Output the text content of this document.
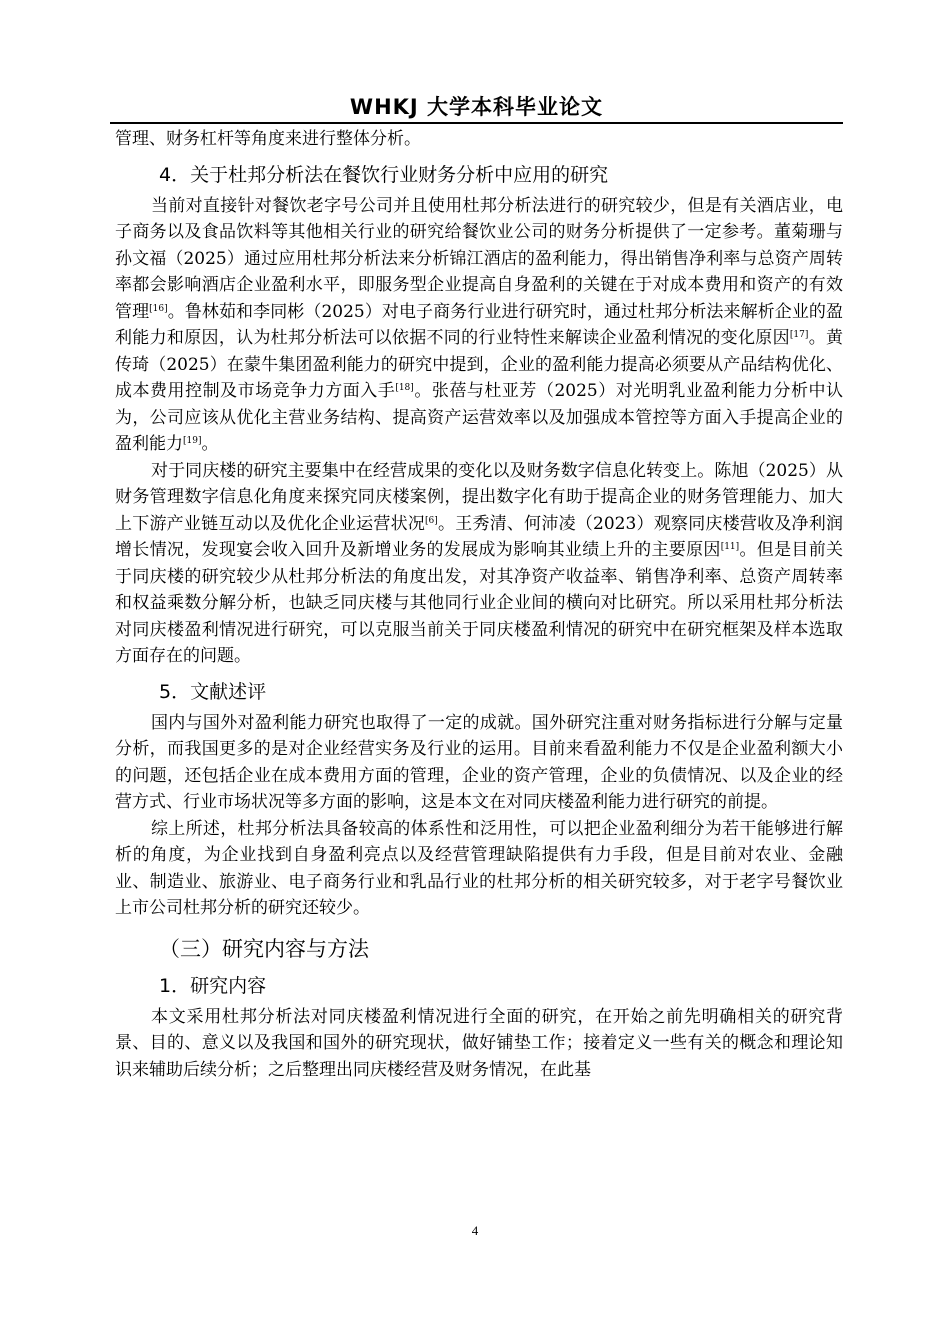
WHKJ 大学本科毕业论文
管理、财务杠杆等角度来进行整体分析。
4．关于杜邦分析法在餐饮行业财务分析中应用的研究
当前对直接针对餐饮老字号公司并且使用杜邦分析法进行的研究较少，但是有关酒店业，电子商务以及食品饮料等其他相关行业的研究给餐饮业公司的财务分析提供了一定参考。董菊珊与孙文福（2025）通过应用杜邦分析法来分析锦江酒店的盈利能力，得出销售净利率与总资产周转率都会影响酒店企业盈利水平，即服务型企业提高自身盈利的关键在于对成本费用和资产的有效管理[16]。鲁林茹和李同彬（2025）对电子商务行业进行研究时，通过杜邦分析法来解析企业的盈利能力和原因，认为杜邦分析法可以依据不同的行业特性来解读企业盈利情况的变化原因[17]。黄传琦（2025）在蒙牛集团盈利能力的研究中提到，企业的盈利能力提高必须要从产品结构优化、成本费用控制及市场竞争力方面入手[18]。张蓓与杜亚芳（2025）对光明乳业盈利能力分析中认为，公司应该从优化主营业务结构、提高资产运营效率以及加强成本管控等方面入手提高企业的盈利能力[19]。
对于同庆楼的研究主要集中在经营成果的变化以及财务数字信息化转变上。陈旭（2025）从财务管理数字信息化角度来探究同庆楼案例，提出数字化有助于提高企业的财务管理能力、加大上下游产业链互动以及优化企业运营状况[6]。王秀清、何沛凌（2023）观察同庆楼营收及净利润增长情况，发现宴会收入回升及新增业务的发展成为影响其业绩上升的主要原因[11]。但是目前关于同庆楼的研究较少从杜邦分析法的角度出发，对其净资产收益率、销售净利率、总资产周转率和权益乘数分解分析，也缺乏同庆楼与其他同行业企业间的横向对比研究。所以采用杜邦分析法对同庆楼盈利情况进行研究，可以克服当前关于同庆楼盈利情况的研究中在研究框架及样本选取方面存在的问题。
5．文献述评
国内与国外对盈利能力研究也取得了一定的成就。国外研究注重对财务指标进行分解与定量分析，而我国更多的是对企业经营实务及行业的运用。目前来看盈利能力不仅是企业盈利额大小的问题，还包括企业在成本费用方面的管理，企业的资产管理，企业的负债情况、以及企业的经营方式、行业市场状况等多方面的影响，这是本文在对同庆楼盈利能力进行研究的前提。
综上所述，杜邦分析法具备较高的体系性和泛用性，可以把企业盈利细分为若干能够进行解析的角度，为企业找到自身盈利亮点以及经营管理缺陷提供有力手段，但是目前对农业、金融业、制造业、旅游业、电子商务行业和乳品行业的杜邦分析的相关研究较多，对于老字号餐饮业上市公司杜邦分析的研究还较少。
（三）研究内容与方法
1．研究内容
本文采用杜邦分析法对同庆楼盈利情况进行全面的研究，在开始之前先明确相关的研究背景、目的、意义以及我国和国外的研究现状，做好铺垫工作；接着定义一些有关的概念和理论知识来辅助后续分析；之后整理出同庆楼经营及财务情况，在此基
4
